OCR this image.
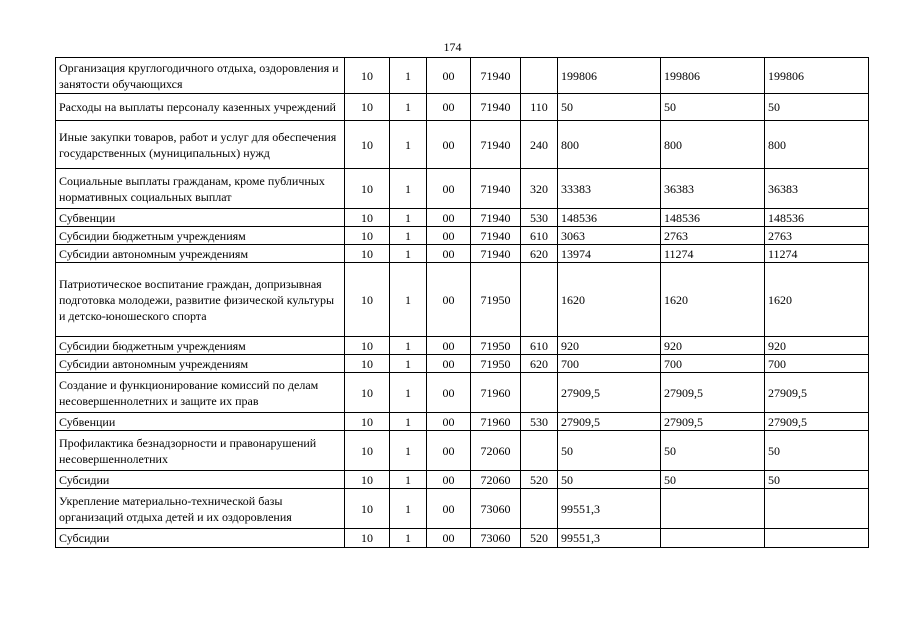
174
Организация круглогодичного отдыха, оздоровления и занятости обучающихся	10	1	00	71940		199806	199806	199806
Расходы на выплаты персоналу казенных учреждений	10	1	00	71940	110	50	50	50
Иные закупки товаров, работ и услуг для обеспечения государственных (муниципальных) нужд	10	1	00	71940	240	800	800	800
Социальные выплаты гражданам, кроме публичных нормативных социальных выплат	10	1	00	71940	320	33383	36383	36383
Субвенции	10	1	00	71940	530	148536	148536	148536
Субсидии бюджетным учреждениям	10	1	00	71940	610	3063	2763	2763
Субсидии автономным учреждениям	10	1	00	71940	620	13974	11274	11274
Патриотическое воспитание граждан, допризывная подготовка молодежи, развитие физической культуры и детско-юношеского спорта	10	1	00	71950		1620	1620	1620
Субсидии бюджетным учреждениям	10	1	00	71950	610	920	920	920
Субсидии автономным учреждениям	10	1	00	71950	620	700	700	700
Создание и функционирование комиссий по делам несовершеннолетних и защите их прав	10	1	00	71960		27909,5	27909,5	27909,5
Субвенции	10	1	00	71960	530	27909,5	27909,5	27909,5
Профилактика безнадзорности и правонарушений несовершеннолетних	10	1	00	72060		50	50	50
Субсидии	10	1	00	72060	520	50	50	50
Укрепление материально-технической базы организаций отдыха детей и их оздоровления	10	1	00	73060		99551,3		
Субсидии	10	1	00	73060	520	99551,3		
